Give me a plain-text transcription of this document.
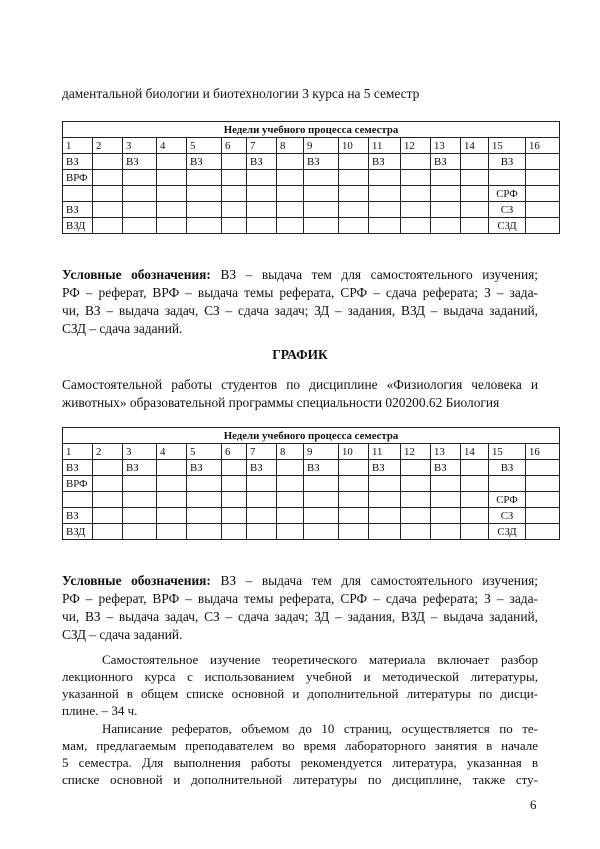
даментальной биологии и биотехнологии 3 курса на 5 семестр
Недели учебного процесса семестра															
1	2	3	4	5	6	7	8	9	10	11	12	13	14	15	16
ВЗ		ВЗ		ВЗ		ВЗ		ВЗ		ВЗ		ВЗ		ВЗ	
ВРФ															
														СРФ	
ВЗ														СЗ	
ВЗД														СЗД	
Условные обозначения: ВЗ – выдача тем для самостоятельного изучения;
РФ – реферат, ВРФ – выдача темы реферата, СРФ – сдача реферата; З – зада-
чи, ВЗ – выдача задач, СЗ – сдача задач; ЗД – задания, ВЗД – выдача заданий,
СЗД – сдача заданий.
ГРАФИК
Самостоятельной работы студентов по дисциплине «Физиология человека и
животных» образовательной программы специальности 020200.62 Биология
Недели учебного процесса семестра															
1	2	3	4	5	6	7	8	9	10	11	12	13	14	15	16
ВЗ		ВЗ		ВЗ		ВЗ		ВЗ		ВЗ		ВЗ		ВЗ	
ВРФ															
														СРФ	
ВЗ														СЗ	
ВЗД														СЗД	
Условные обозначения: ВЗ – выдача тем для самостоятельного изучения;
РФ – реферат, ВРФ – выдача темы реферата, СРФ – сдача реферата; З – зада-
чи, ВЗ – выдача задач, СЗ – сдача задач; ЗД – задания, ВЗД – выдача заданий,
СЗД – сдача заданий.
Самостоятельное изучение теоретического материала включает разбор
лекционного курса с использованием учебной и методической литературы,
указанной в общем списке основной и дополнительной литературы по дисци-
плине. – 34 ч.
Написание рефератов, объемом до 10 страниц, осуществляется по те-
мам, предлагаемым преподавателем во время лабораторного занятия в начале
5 семестра. Для выполнения работы рекомендуется литература, указанная в
списке основной и дополнительной литературы по дисциплине, также сту-
6
